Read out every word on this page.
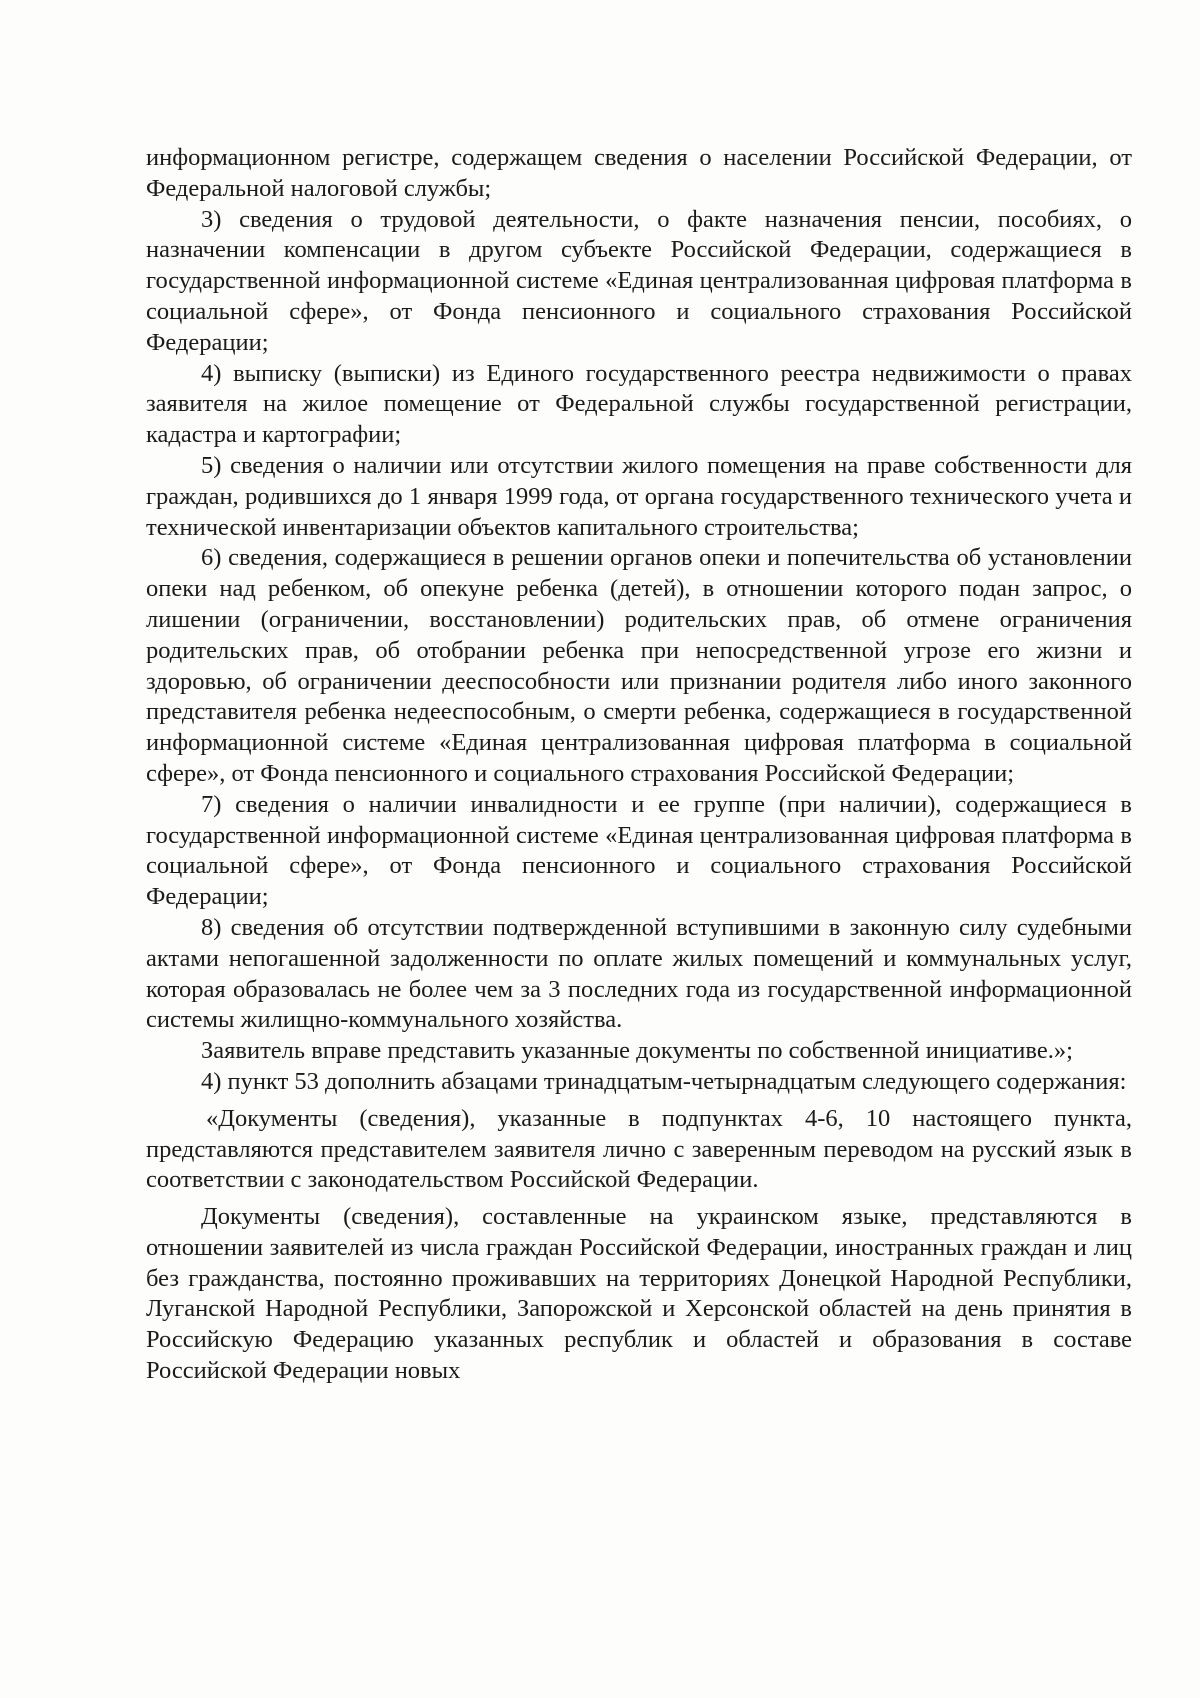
информационном регистре, содержащем сведения о населении Российской Федерации, от Федеральной налоговой службы;

3) сведения о трудовой деятельности, о факте назначения пенсии, пособиях, о назначении компенсации в другом субъекте Российской Федерации, содержащиеся в государственной информационной системе «Единая централизованная цифровая платформа в социальной сфере», от Фонда пенсионного и социального страхования Российской Федерации;

4) выписку (выписки) из Единого государственного реестра недвижимости о правах заявителя на жилое помещение от Федеральной службы государственной регистрации, кадастра и картографии;

5) сведения о наличии или отсутствии жилого помещения на праве собственности для граждан, родившихся до 1 января 1999 года, от органа государственного технического учета и технической инвентаризации объектов капитального строительства;

6) сведения, содержащиеся в решении органов опеки и попечительства об установлении опеки над ребенком, об опекуне ребенка (детей), в отношении которого подан запрос, о лишении (ограничении, восстановлении) родительских прав, об отмене ограничения родительских прав, об отобрании ребенка при непосредственной угрозе его жизни и здоровью, об ограничении дееспособности или признании родителя либо иного законного представителя ребенка недееспособным, о смерти ребенка, содержащиеся в государственной информационной системе «Единая централизованная цифровая платформа в социальной сфере», от Фонда пенсионного и социального страхования Российской Федерации;

7) сведения о наличии инвалидности и ее группе (при наличии), содержащиеся в государственной информационной системе «Единая централизованная цифровая платформа в социальной сфере», от Фонда пенсионного и социального страхования Российской Федерации;

8) сведения об отсутствии подтвержденной вступившими в законную силу судебными актами непогашенной задолженности по оплате жилых помещений и коммунальных услуг, которая образовалась не более чем за 3 последних года из государственной информационной системы жилищно-коммунального хозяйства.

Заявитель вправе представить указанные документы по собственной инициативе.»;

4) пункт 53 дополнить абзацами тринадцатым-четырнадцатым следующего содержания:

«Документы (сведения), указанные в подпунктах 4-6, 10 настоящего пункта, представляются представителем заявителя лично с заверенным переводом на русский язык в соответствии с законодательством Российской Федерации.

Документы (сведения), составленные на украинском языке, представляются в отношении заявителей из числа граждан Российской Федерации, иностранных граждан и лиц без гражданства, постоянно проживавших на территориях Донецкой Народной Республики, Луганской Народной Республики, Запорожской и Херсонской областей на день принятия в Российскую Федерацию указанных республик и областей и образования в составе Российской Федерации новых
